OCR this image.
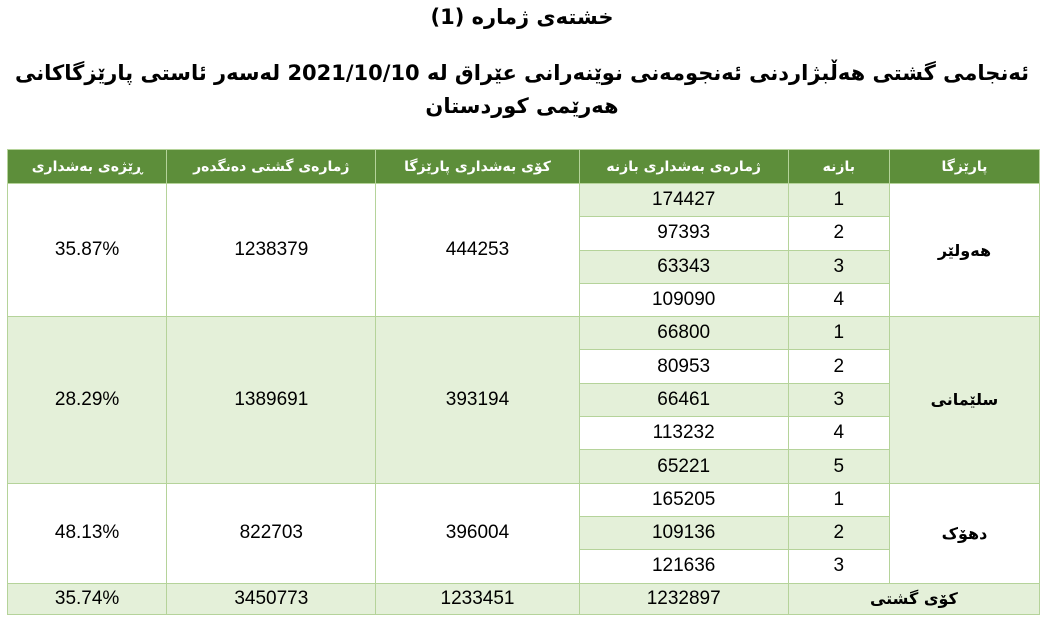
خشتەی ژمارە (1)
ئەنجامی گشتی هەڵبژاردنی ئەنجومەنی نوێنەرانی عێراق لە 2021/10/10 لەسەر ئاستی پارێزگاکانی هەرێمی کوردستان
پارێزگا	بازنە	ژمارەی بەشداری بازنە	کۆی بەشداری پارێزگا	ژمارەی گشتی دەنگدەر	ڕێژەی بەشداری
هەولێر	1	174427	444253	1238379	35.87%
	2	97393			
	3	63343			
	4	109090			
سلێمانی	1	66800	393194	1389691	28.29%
	2	80953			
	3	66461			
	4	113232			
	5	65221			
دهۆک	1	165205	396004	822703	48.13%
	2	109136			
	3	121636			
کۆی گشتی		1232897	1233451	3450773	35.74%
